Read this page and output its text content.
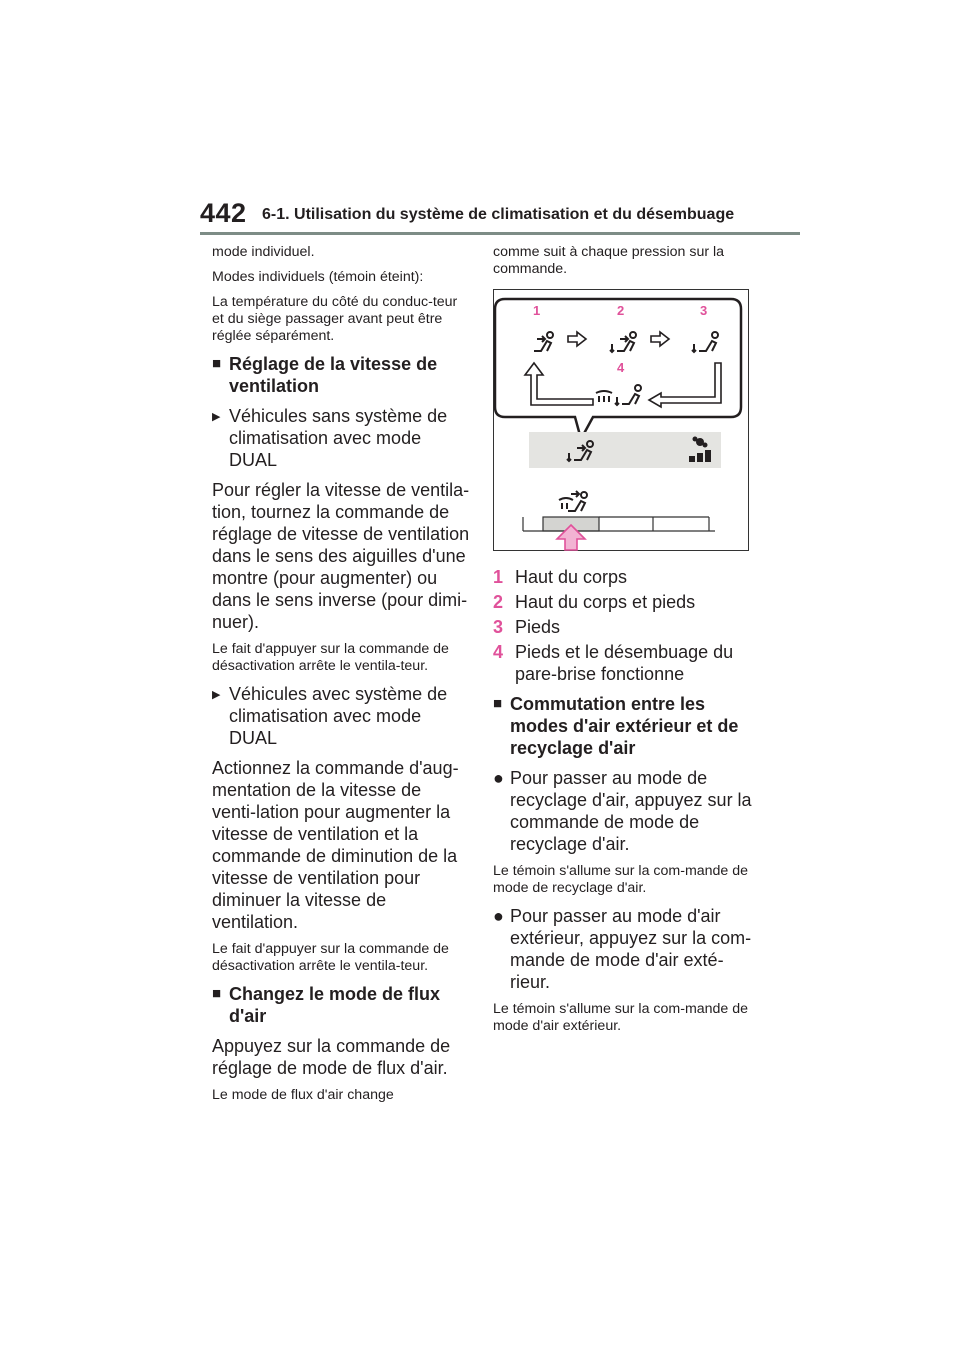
442 6-1. Utilisation du système de climatisation et du désembuage

mode individuel.

Modes individuels (témoin éteint):

La température du côté du conduc-teur et du siège passager avant peut être réglée séparément.

■ Réglage de la vitesse de ventilation
▶ Véhicules sans système de climatisation avec mode DUAL

Pour régler la vitesse de ventila-tion, tournez la commande de réglage de vitesse de ventilation dans le sens des aiguilles d'une montre (pour augmenter) ou dans le sens inverse (pour dimi-nuer).

Le fait d'appuyer sur la commande de désactivation arrête le ventila-teur.

▶ Véhicules avec système de climatisation avec mode DUAL

Actionnez la commande d'aug-mentation de la vitesse de venti-lation pour augmenter la vitesse de ventilation et la commande de diminution de la vitesse de ventilation pour diminuer la vitesse de ventilation.

Le fait d'appuyer sur la commande de désactivation arrête le ventila-teur.

■ Changez le mode de flux d'air

Appuyez sur la commande de réglage de mode de flux d'air.

Le mode de flux d'air change

comme suit à chaque pression sur la commande.

1	2	3
4
1 Haut du corps
2 Haut du corps et pieds
3 Pieds
4 Pieds et le désembuage du pare-brise fonctionne
■ Commutation entre les modes d'air extérieur et de recyclage d'air
● Pour passer au mode de recyclage d'air, appuyez sur la commande de mode de recyclage d'air.

Le témoin s'allume sur la com-mande de mode de recyclage d'air.

● Pour passer au mode d'air extérieur, appuyez sur la com-mande de mode d'air exté-rieur.

Le témoin s'allume sur la com-mande de mode d'air extérieur.
